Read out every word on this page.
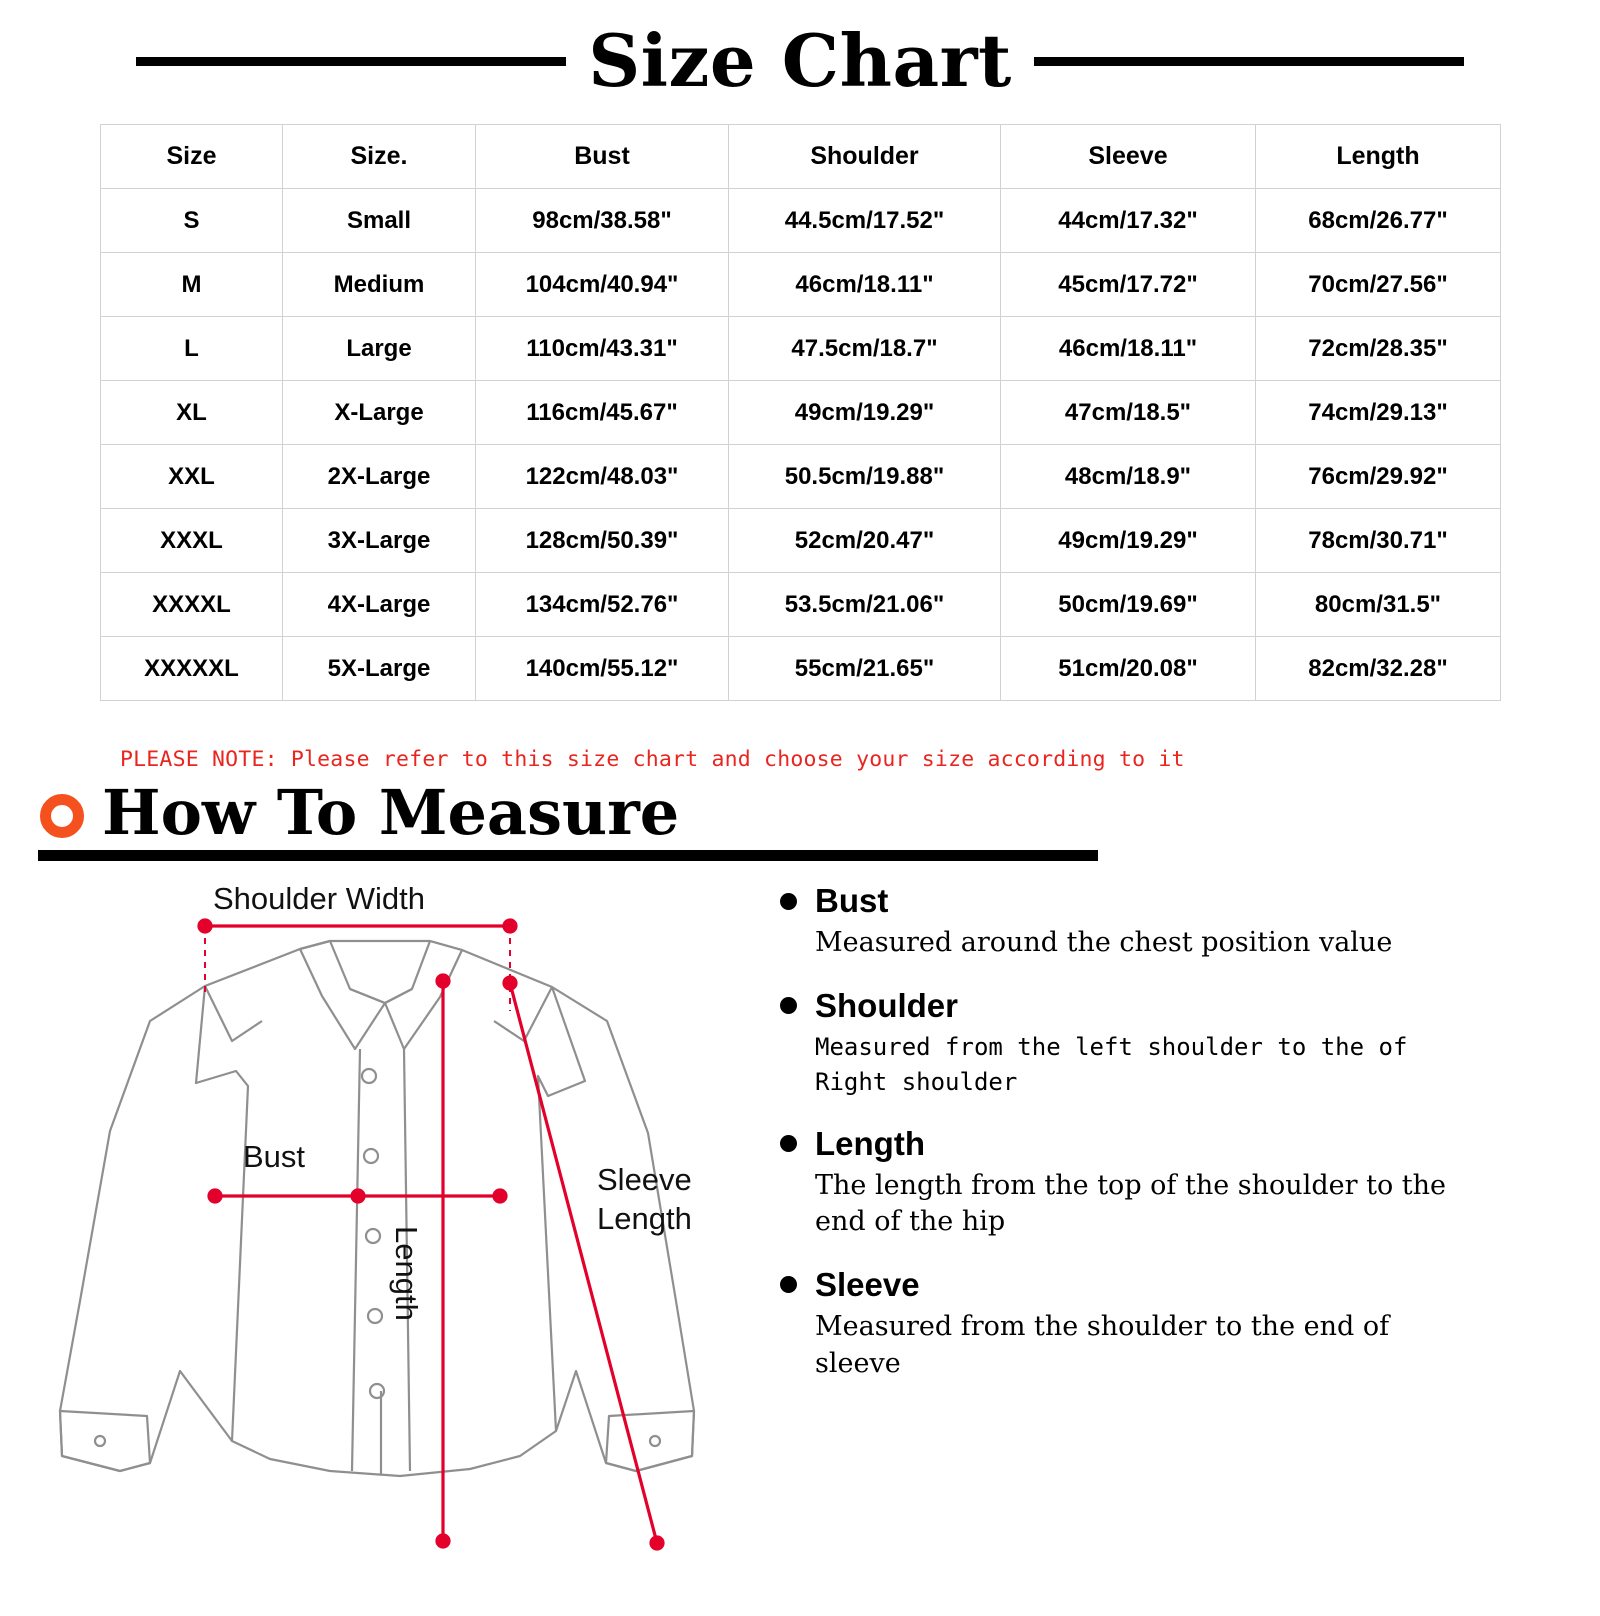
Size Chart
Size	Size.	Bust	Shoulder	Sleeve	Length
S	Small	98cm/38.58"	44.5cm/17.52"	44cm/17.32"	68cm/26.77"
M	Medium	104cm/40.94"	46cm/18.11"	45cm/17.72"	70cm/27.56"
L	Large	110cm/43.31"	47.5cm/18.7"	46cm/18.11"	72cm/28.35"
XL	X-Large	116cm/45.67"	49cm/19.29"	47cm/18.5"	74cm/29.13"
XXL	2X-Large	122cm/48.03"	50.5cm/19.88"	48cm/18.9"	76cm/29.92"
XXXL	3X-Large	128cm/50.39"	52cm/20.47"	49cm/19.29"	78cm/30.71"
XXXXL	4X-Large	134cm/52.76"	53.5cm/21.06"	50cm/19.69"	80cm/31.5"
XXXXXL	5X-Large	140cm/55.12"	55cm/21.65"	51cm/20.08"	82cm/32.28"
PLEASE NOTE: Please refer to this size chart and choose your size according to it
How To Measure
Shoulder Width
Bust
Sleeve
Length
Length
Bust
Measured around the chest position value
Shoulder
Measured from the left shoulder to the of Right shoulder
Length
The length from the top of the shoulder to the end of the hip
Sleeve
Measured from the shoulder to the end of sleeve
